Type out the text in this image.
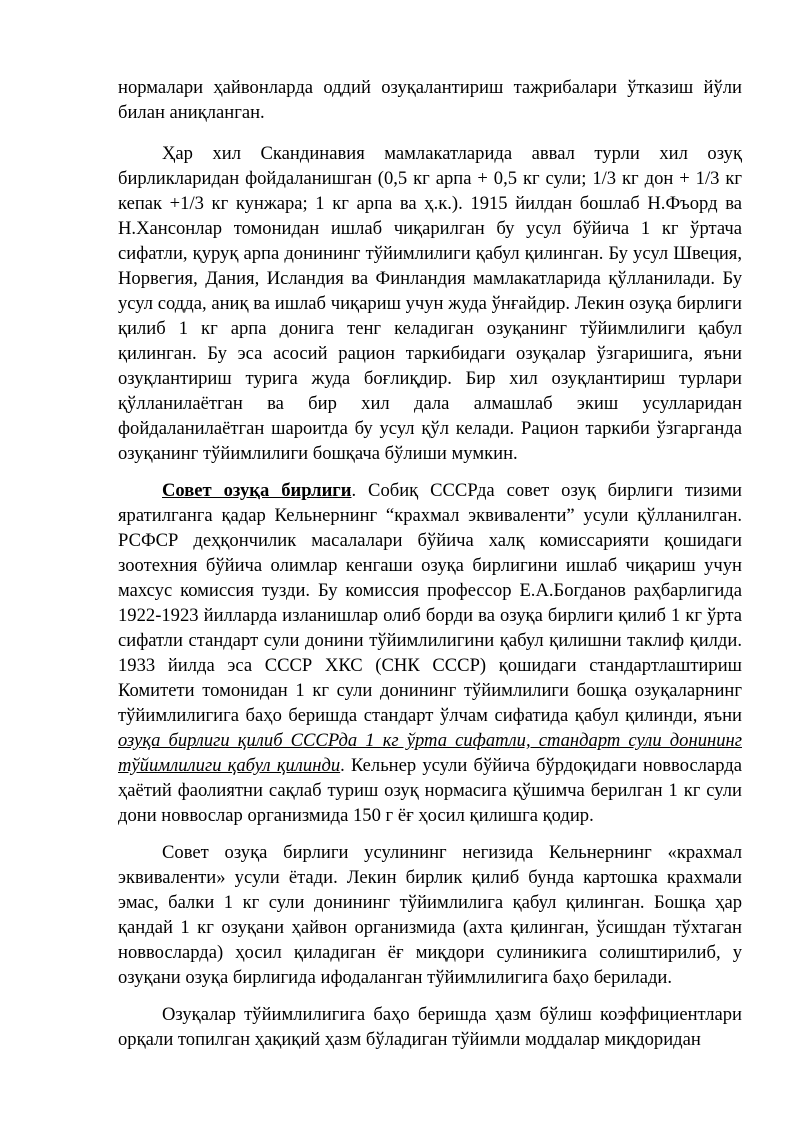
нормалари ҳайвонларда оддий озуқалантириш тажрибалари ўтказиш йўли билан аниқланган.

Ҳар хил Скандинавия мамлакатларида аввал турли хил озуқ бирликларидан фойдаланишган (0,5 кг арпа + 0,5 кг сули; 1/3 кг дон + 1/3 кг кепак +1/3 кг кунжара; 1 кг арпа ва ҳ.к.). 1915 йилдан бошлаб Н.Фъорд ва Н.Хансонлар томонидан ишлаб чиқарилган бу усул бўйича 1 кг ўртача сифатли, қуруқ арпа донининг тўйимлилиги қабул қилинган. Бу усул Швеция, Норвегия, Дания, Исландия ва Финландия мамлакатларида қўлланилади. Бу усул содда, аниқ ва ишлаб чиқариш учун жуда ўнғайдир. Лекин озуқа бирлиги қилиб 1 кг арпа донига тенг келадиган озуқанинг тўйимлилиги қабул қилинган. Бу эса асосий рацион таркибидаги озуқалар ўзгаришига, яъни озуқлантириш турига жуда боғлиқдир. Бир хил озуқлантириш турлари қўлланилаётган ва бир хил дала алмашлаб экиш усулларидан фойдаланилаётган шароитда бу усул қўл келади. Рацион таркиби ўзгарганда озуқанинг тўйимлилиги бошқача бўлиши мумкин.

Совет озуқа бирлиги. Собиқ СССРда совет озуқ бирлиги тизими яратилганга қадар Кельнернинг “крахмал эквиваленти” усули қўлланилган. РСФСР деҳқончилик масалалари бўйича халқ комиссарияти қошидаги зоотехния бўйича олимлар кенгаши озуқа бирлигини ишлаб чиқариш учун махсус комиссия тузди. Бу комиссия профессор Е.А.Богданов раҳбарлигида 1922-1923 йилларда изланишлар олиб борди ва озуқа бирлиги қилиб 1 кг ўрта сифатли стандарт сули донини тўйимлилигини қабул қилишни таклиф қилди. 1933 йилда эса СССР ХКС (СНК СССР) қошидаги стандартлаштириш Комитети томонидан 1 кг сули донининг тўйимлилиги бошқа озуқаларнинг тўйимлилигига баҳо беришда стандарт ўлчам сифатида қабул қилинди, яъни озуқа бирлиги қилиб СССРда 1 кг ўрта сифатли, стандарт сули донининг тўйимлилиги қабул қилинди. Кельнер усули бўйича бўрдоқидаги новвосларда ҳаётий фаолиятни сақлаб туриш озуқ нормасига қўшимча берилган 1 кг сули дони новвослар организмида 150 г ёғ ҳосил қилишга қодир.

Совет озуқа бирлиги усулининг негизида Кельнернинг «крахмал эквиваленти» усули ётади. Лекин бирлик қилиб бунда картошка крахмали эмас, балки 1 кг сули донининг тўйимлилига қабул қилинган. Бошқа ҳар қандай 1 кг озуқани ҳайвон организмида (ахта қилинган, ўсишдан тўхтаган новвосларда) ҳосил қиладиган ёғ миқдори сулиникига солиштирилиб, у озуқани озуқа бирлигида ифодаланган тўйимлилигига баҳо берилади.

Озуқалар тўйимлилигига баҳо беришда ҳазм бўлиш коэффициентлари орқали топилган ҳақиқий ҳазм бўладиган тўйимли моддалар миқдоридан
